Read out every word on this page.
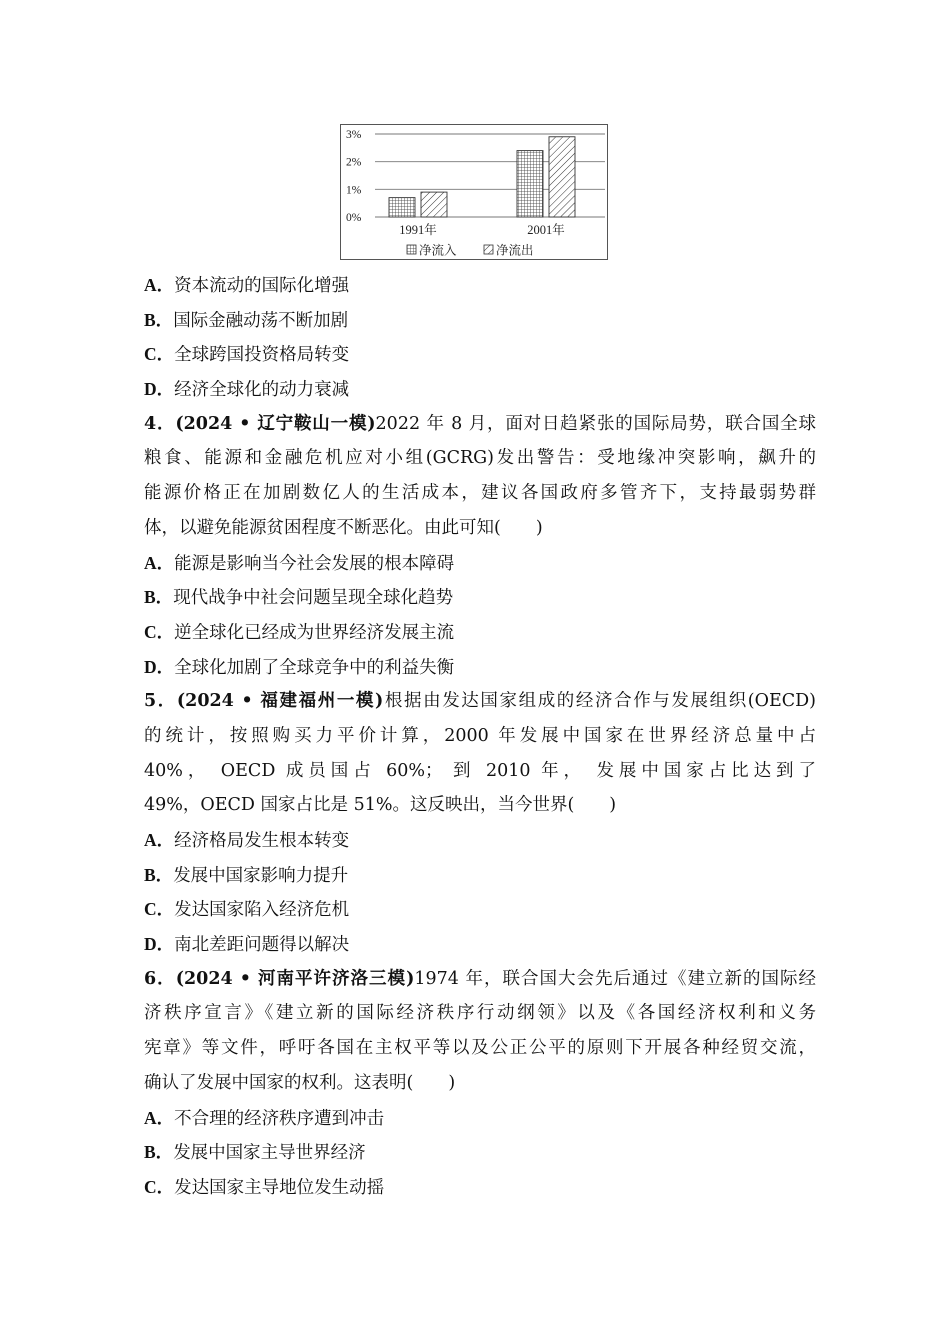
0%
1%
2%
3%
1991年	2001年
净流入	净流出
A．资本流动的国际化增强
B．国际金融动荡不断加剧
C．全球跨国投资格局转变
D．经济全球化的动力衰减
4．(2024 • 辽宁鞍山一模)2022 年 8 月，面对日趋紧张的国际局势，联合国全球
粮食、能源和金融危机应对小组(GCRG)发出警告：受地缘冲突影响，飙升的
能源价格正在加剧数亿人的生活成本，建议各国政府多管齐下，支持最弱势群
体，以避免能源贫困程度不断恶化。由此可知(　　)
A．能源是影响当今社会发展的根本障碍
B．现代战争中社会问题呈现全球化趋势
C．逆全球化已经成为世界经济发展主流
D．全球化加剧了全球竞争中的利益失衡
5．(2024 • 福建福州一模)根据由发达国家组成的经济合作与发展组织(OECD)
的统计，按照购买力平价计算，2000 年发展中国家在世界经济总量中占
40%， OECD 成员国占 60%； 到 2010 年， 发展中国家占比达到了
49%，OECD 国家占比是 51%。这反映出，当今世界(　　)
A．经济格局发生根本转变
B．发展中国家影响力提升
C．发达国家陷入经济危机
D．南北差距问题得以解决
6．(2024 • 河南平许济洛三模)1974 年，联合国大会先后通过《建立新的国际经
济秩序宣言》《建立新的国际经济秩序行动纲领》以及《各国经济权利和义务
宪章》等文件，呼吁各国在主权平等以及公正公平的原则下开展各种经贸交流，
确认了发展中国家的权利。这表明(　　)
A．不合理的经济秩序遭到冲击
B．发展中国家主导世界经济
C．发达国家主导地位发生动摇
